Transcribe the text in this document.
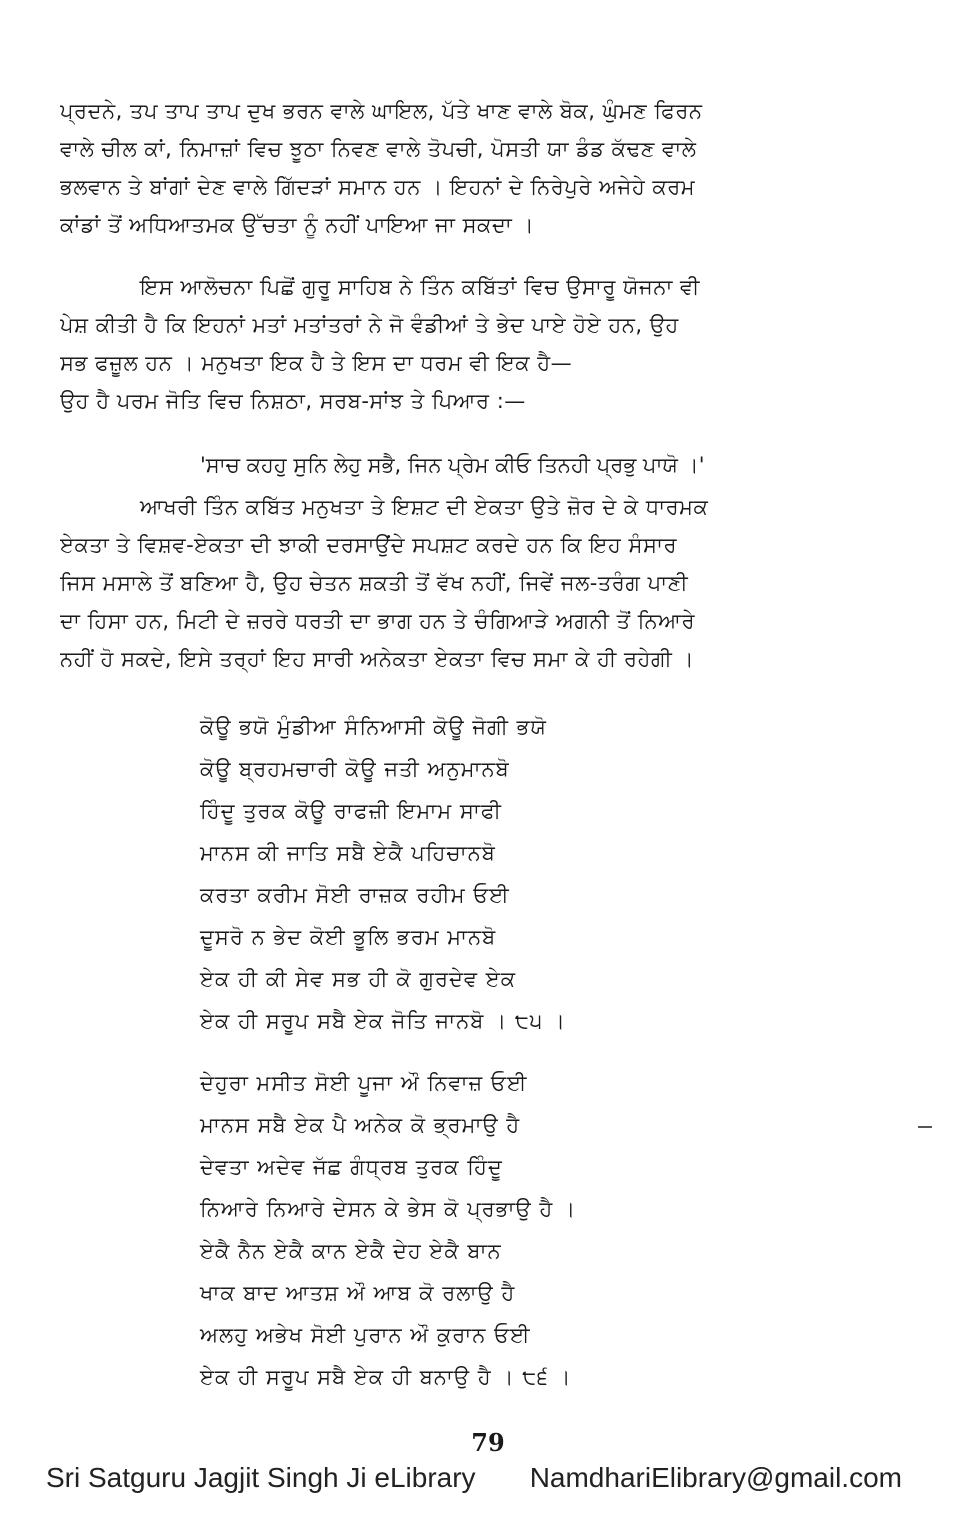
ਪ੍ਰਦਨੇ, ਤਪ ਤਾਪ ਤਾਪ ਦੁਖ ਭਰਨ ਵਾਲੇ ਘਾਇਲ, ਪੱਤੇ ਖਾਣ ਵਾਲੇ ਬੋਕ, ਘੁੰਮਣ ਫਿਰਨ
ਵਾਲੇ ਚੀਲ ਕਾਂ, ਨਿਮਾਜ਼ਾਂ ਵਿਚ ਝੂਠਾ ਨਿਵਣ ਵਾਲੇ ਤੋਪਚੀ, ਪੋਸਤੀ ਯਾ ਡੰਡ ਕੱਢਣ ਵਾਲੇ
ਭਲਵਾਨ ਤੇ ਬਾਂਗਾਂ ਦੇਣ ਵਾਲੇ ਗਿੱਦੜਾਂ ਸਮਾਨ ਹਨ । ਇਹਨਾਂ ਦੇ ਨਿਰੇਪੁਰੇ ਅਜੇਹੇ ਕਰਮ
ਕਾਂਡਾਂ ਤੋਂ ਅਧਿਆਤਮਕ ਉੱਚਤਾ ਨੂੰ ਨਹੀਂ ਪਾਇਆ ਜਾ ਸਕਦਾ ।
ਇਸ ਆਲੋਚਨਾ ਪਿਛੋਂ ਗੁਰੂ ਸਾਹਿਬ ਨੇ ਤਿੰਨ ਕਬਿੱਤਾਂ ਵਿਚ ਉਸਾਰੂ ਯੋਜਨਾ ਵੀ
ਪੇਸ਼ ਕੀਤੀ ਹੈ ਕਿ ਇਹਨਾਂ ਮਤਾਂ ਮਤਾਂਤਰਾਂ ਨੇ ਜੋ ਵੰਡੀਆਂ ਤੇ ਭੇਦ ਪਾਏ ਹੋਏ ਹਨ, ਉਹ
ਸਭ ਫਜ਼ੂਲ ਹਨ । ਮਨੁਖਤਾ ਇਕ ਹੈ ਤੇ ਇਸ ਦਾ ਧਰਮ ਵੀ ਇਕ ਹੈ—
ਉਹ ਹੈ ਪਰਮ ਜੋਤਿ ਵਿਚ ਨਿਸ਼ਠਾ, ਸਰਬ-ਸਾਂਝ ਤੇ ਪਿਆਰ :—
'ਸਾਚ ਕਹਹੁ ਸੁਨਿ ਲੇਹੁ ਸਭੈ, ਜਿਨ ਪ੍ਰੇਮ ਕੀਓ ਤਿਨਹੀ ਪ੍ਰਭੁ ਪਾਯੋ ।'
ਆਖਰੀ ਤਿੰਨ ਕਬਿੱਤ ਮਨੁਖਤਾ ਤੇ ਇਸ਼ਟ ਦੀ ਏਕਤਾ ਉਤੇ ਜ਼ੋਰ ਦੇ ਕੇ ਧਾਰਮਕ
ਏਕਤਾ ਤੇ ਵਿਸ਼ਵ-ਏਕਤਾ ਦੀ ਝਾਕੀ ਦਰਸਾਉਂਦੇ ਸਪਸ਼ਟ ਕਰਦੇ ਹਨ ਕਿ ਇਹ ਸੰਸਾਰ
ਜਿਸ ਮਸਾਲੇ ਤੋਂ ਬਣਿਆ ਹੈ, ਉਹ ਚੇਤਨ ਸ਼ਕਤੀ ਤੋਂ ਵੱਖ ਨਹੀਂ, ਜਿਵੇਂ ਜਲ-ਤਰੰਗ ਪਾਣੀ
ਦਾ ਹਿਸਾ ਹਨ, ਮਿਟੀ ਦੇ ਜ਼ਰਰੇ ਧਰਤੀ ਦਾ ਭਾਗ ਹਨ ਤੇ ਚੰਗਿਆੜੇ ਅਗਨੀ ਤੋਂ ਨਿਆਰੇ
ਨਹੀਂ ਹੋ ਸਕਦੇ, ਇਸੇ ਤਰ੍ਹਾਂ ਇਹ ਸਾਰੀ ਅਨੇਕਤਾ ਏਕਤਾ ਵਿਚ ਸਮਾ ਕੇ ਹੀ ਰਹੇਗੀ ।
ਕੋਊ ਭਯੋ ਮੁੰਡੀਆ ਸੰਨਿਆਸੀ ਕੋਊ ਜੋਗੀ ਭਯੋ
ਕੋਊ ਬ੍ਰਹਮਚਾਰੀ ਕੋਊ ਜਤੀ ਅਨੁਮਾਨਬੋ
ਹਿੰਦੂ ਤੁਰਕ ਕੋਊ ਰਾਫਜ਼ੀ ਇਮਾਮ ਸਾਫੀ
ਮਾਨਸ ਕੀ ਜਾਤਿ ਸਬੈ ਏਕੈ ਪਹਿਚਾਨਬੋ
ਕਰਤਾ ਕਰੀਮ ਸੋਈ ਰਾਜ਼ਕ ਰਹੀਮ ਓਈ
ਦੂਸਰੋ ਨ ਭੇਦ ਕੋਈ ਭੂਲਿ ਭਰਮ ਮਾਨਬੋ
ਏਕ ਹੀ ਕੀ ਸੇਵ ਸਭ ਹੀ ਕੋ ਗੁਰਦੇਵ ਏਕ
ਏਕ ਹੀ ਸਰੂਪ ਸਬੈ ਏਕ ਜੋਤਿ ਜਾਨਬੋ । ੮੫ ।
ਦੇਹੁਰਾ ਮਸੀਤ ਸੋਈ ਪੂਜਾ ਔ ਨਿਵਾਜ਼ ਓਈ
ਮਾਨਸ ਸਬੈ ਏਕ ਪੈ ਅਨੇਕ ਕੋ ਭ੍ਰਮਾਉ ਹੈ
ਦੇਵਤਾ ਅਦੇਵ ਜੱਛ ਗੰਧ੍ਰਬ ਤੁਰਕ ਹਿੰਦੂ
ਨਿਆਰੇ ਨਿਆਰੇ ਦੇਸਨ ਕੇ ਭੇਸ ਕੋ ਪ੍ਰਭਾਉ ਹੈ ।
ਏਕੈ ਨੈਨ ਏਕੈ ਕਾਨ ਏਕੈ ਦੇਹ ਏਕੈ ਬਾਨ
ਖਾਕ ਬਾਦ ਆਤਸ਼ ਔ ਆਬ ਕੋ ਰਲਾਉ ਹੈ
ਅਲਹੁ ਅਭੇਖ ਸੋਈ ਪੁਰਾਨ ਔ ਕੁਰਾਨ ਓਈ
ਏਕ ਹੀ ਸਰੂਪ ਸਬੈ ਏਕ ਹੀ ਬਨਾਉ ਹੈ । ੮੬ ।
79
Sri Satguru Jagjit Singh Ji eLibrary NamdhariElibrary@gmail.com
